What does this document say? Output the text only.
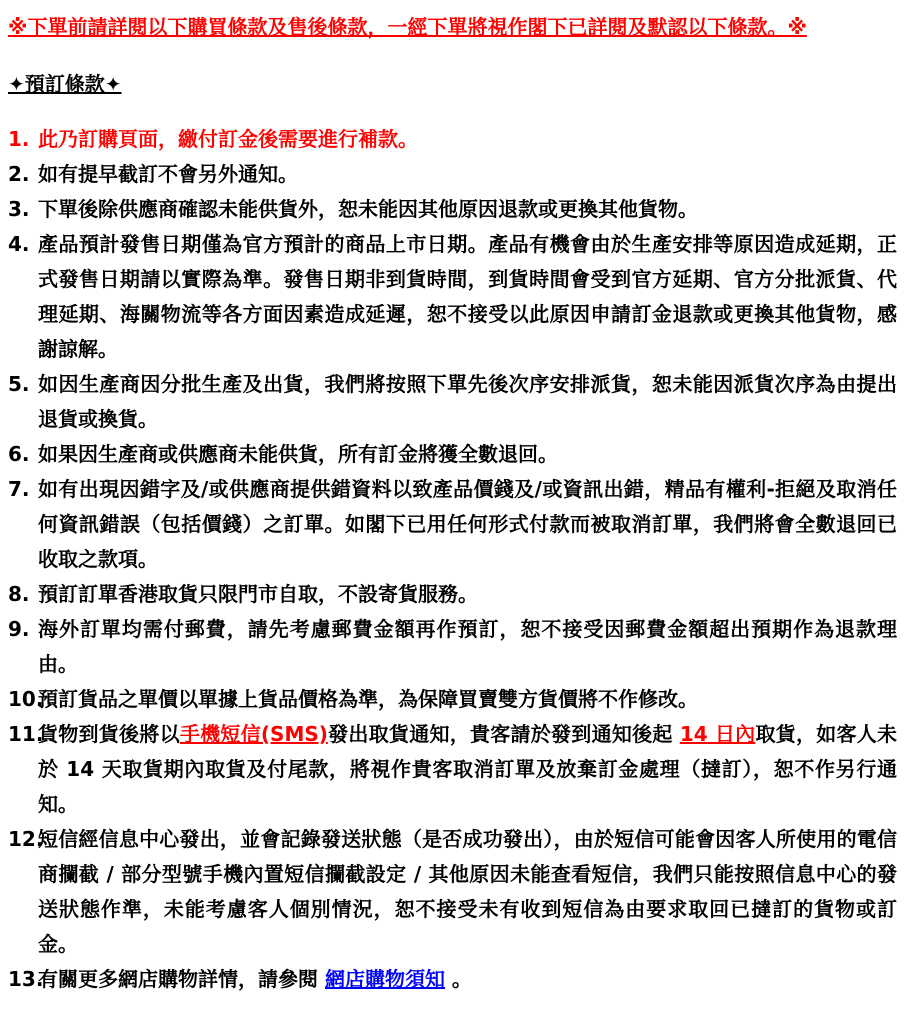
※下單前請詳閱以下購買條款及售後條款，一經下單將視作閣下已詳閱及默認以下條款。※
✦預訂條款✦
1. 此乃訂購頁面，繳付訂金後需要進行補款。
2. 如有提早截訂不會另外通知。
3. 下單後除供應商確認未能供貨外，恕未能因其他原因退款或更換其他貨物。
4. 產品預計發售日期僅為官方預計的商品上市日期。產品有機會由於生產安排等原因造成延期，正式發售日期請以實際為準。發售日期非到貨時間，到貨時間會受到官方延期、官方分批派貨、代理延期、海關物流等各方面因素造成延遲，恕不接受以此原因申請訂金退款或更換其他貨物，感謝諒解。
5. 如因生產商因分批生產及出貨，我們將按照下單先後次序安排派貨，恕未能因派貨次序為由提出退貨或換貨。
6. 如果因生產商或供應商未能供貨，所有訂金將獲全數退回。
7. 如有出現因錯字及/或供應商提供錯資料以致產品價錢及/或資訊出錯，精品有權利-拒絕及取消任何資訊錯誤（包括價錢）之訂單。如閣下已用任何形式付款而被取消訂單，我們將會全數退回已收取之款項。
8. 預訂訂單香港取貨只限門市自取，不設寄貨服務。
9. 海外訂單均需付郵費，請先考慮郵費金額再作預訂，恕不接受因郵費金額超出預期作為退款理由。
10.
預訂貨品之單價以單據上貨品價格為準，為保障買賣雙方貨價將不作修改。
11.
貨物到貨後將以手機短信(SMS)發出取貨通知，貴客請於發到通知後起 14 日內取貨，如客人未於 14 天取貨期內取貨及付尾款，將視作貴客取消訂單及放棄訂金處理（撻訂），恕不作另行通知。
12.
短信經信息中心發出，並會記錄發送狀態（是否成功發出），由於短信可能會因客人所使用的電信商攔截 / 部分型號手機內置短信攔截設定 / 其他原因未能查看短信，我們只能按照信息中心的發送狀態作準，未能考慮客人個別情況，恕不接受未有收到短信為由要求取回已撻訂的貨物或訂金。
13.
有關更多網店購物詳情，請參閱 網店購物須知 。
